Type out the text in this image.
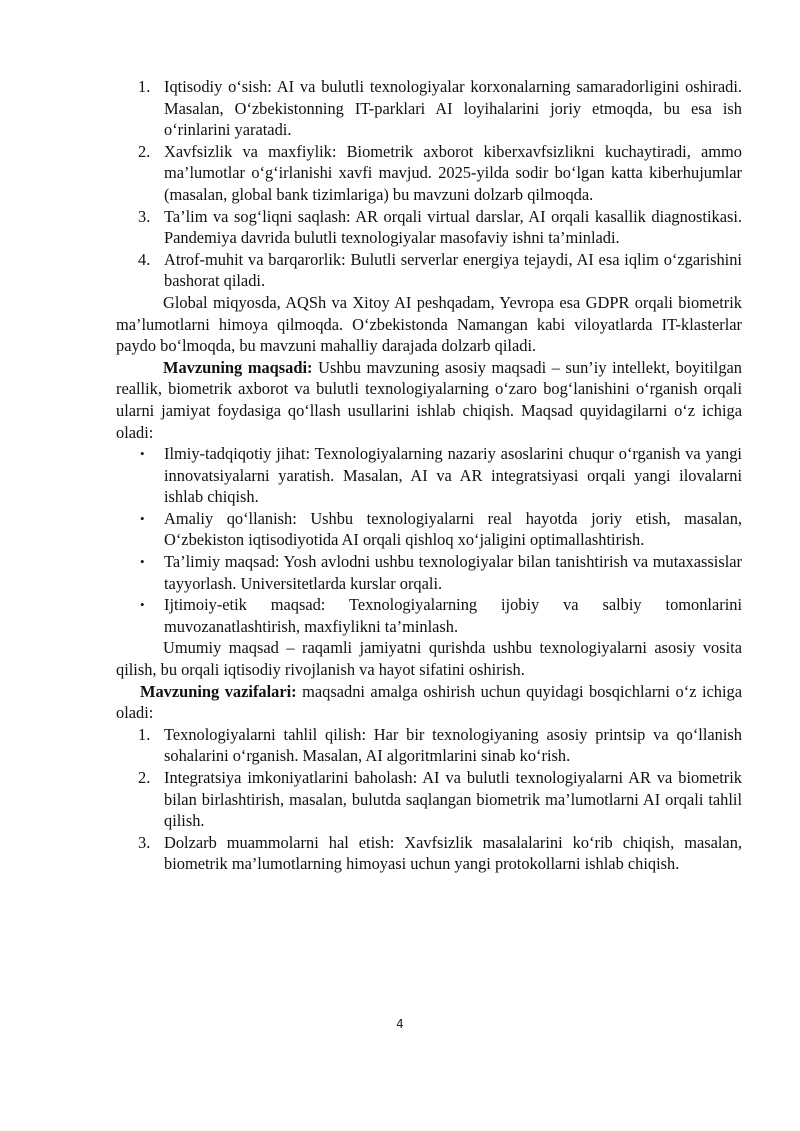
1. Iqtisodiy o‘sish: AI va bulutli texnologiyalar korxonalarning samaradorligini oshiradi. Masalan, O‘zbekistonning IT-parklari AI loyihalarini joriy etmoqda, bu esa ish o‘rinlarini yaratadi.
2. Xavfsizlik va maxfiylik: Biometrik axborot kiberxavfsizlikni kuchaytiradi, ammo ma’lumotlar o‘g‘irlanishi xavfi mavjud. 2025-yilda sodir bo‘lgan katta kiberhujumlar (masalan, global bank tizimlariga) bu mavzuni dolzarb qilmoqda.
3. Ta’lim va sog‘liqni saqlash: AR orqali virtual darslar, AI orqali kasallik diagnostikasi. Pandemiya davrida bulutli texnologiyalar masofaviy ishni ta’minladi.
4. Atrof-muhit va barqarorlik: Bulutli serverlar energiya tejaydi, AI esa iqlim o‘zgarishini bashorat qiladi.

Global miqyosda, AQSh va Xitoy AI peshqadam, Yevropa esa GDPR orqali biometrik ma’lumotlarni himoya qilmoqda. O‘zbekistonda Namangan kabi viloyatlarda IT-klasterlar paydo bo‘lmoqda, bu mavzuni mahalliy darajada dolzarb qiladi.

Mavzuning maqsadi: Ushbu mavzuning asosiy maqsadi – sun’iy intellekt, boyitilgan reallik, biometrik axborot va bulutli texnologiyalarning o‘zaro bog‘lanishini o‘rganish orqali ularni jamiyat foydasiga qo‘llash usullarini ishlab chiqish. Maqsad quyidagilarni o‘z ichiga oladi:

• Ilmiy-tadqiqotiy jihat: Texnologiyalarning nazariy asoslarini chuqur o‘rganish va yangi innovatsiyalarni yaratish. Masalan, AI va AR integratsiyasi orqali yangi ilovalarni ishlab chiqish.
• Amaliy qo‘llanish: Ushbu texnologiyalarni real hayotda joriy etish, masalan, O‘zbekiston iqtisodiyotida AI orqali qishloq xo‘jaligini optimallashtirish.
• Ta’limiy maqsad: Yosh avlodni ushbu texnologiyalar bilan tanishtirish va mutaxassislar tayyorlash. Universitetlarda kurslar orqali.
• Ijtimoiy-etik maqsad: Texnologiyalarning ijobiy va salbiy tomonlarini muvozanatlashtirish, maxfiylikni ta’minlash.

Umumiy maqsad – raqamli jamiyatni qurishda ushbu texnologiyalarni asosiy vosita qilish, bu orqali iqtisodiy rivojlanish va hayot sifatini oshirish.

Mavzuning vazifalari: maqsadni amalga oshirish uchun quyidagi bosqichlarni o‘z ichiga oladi:

1. Texnologiyalarni tahlil qilish: Har bir texnologiyaning asosiy printsip va qo‘llanish sohalarini o‘rganish. Masalan, AI algoritmlarini sinab ko‘rish.
2. Integratsiya imkoniyatlarini baholash: AI va bulutli texnologiyalarni AR va biometrik bilan birlashtirish, masalan, bulutda saqlangan biometrik ma’lumotlarni AI orqali tahlil qilish.
3. Dolzarb muammolarni hal etish: Xavfsizlik masalalarini ko‘rib chiqish, masalan, biometrik ma’lumotlarning himoyasi uchun yangi protokollarni ishlab chiqish.
4
